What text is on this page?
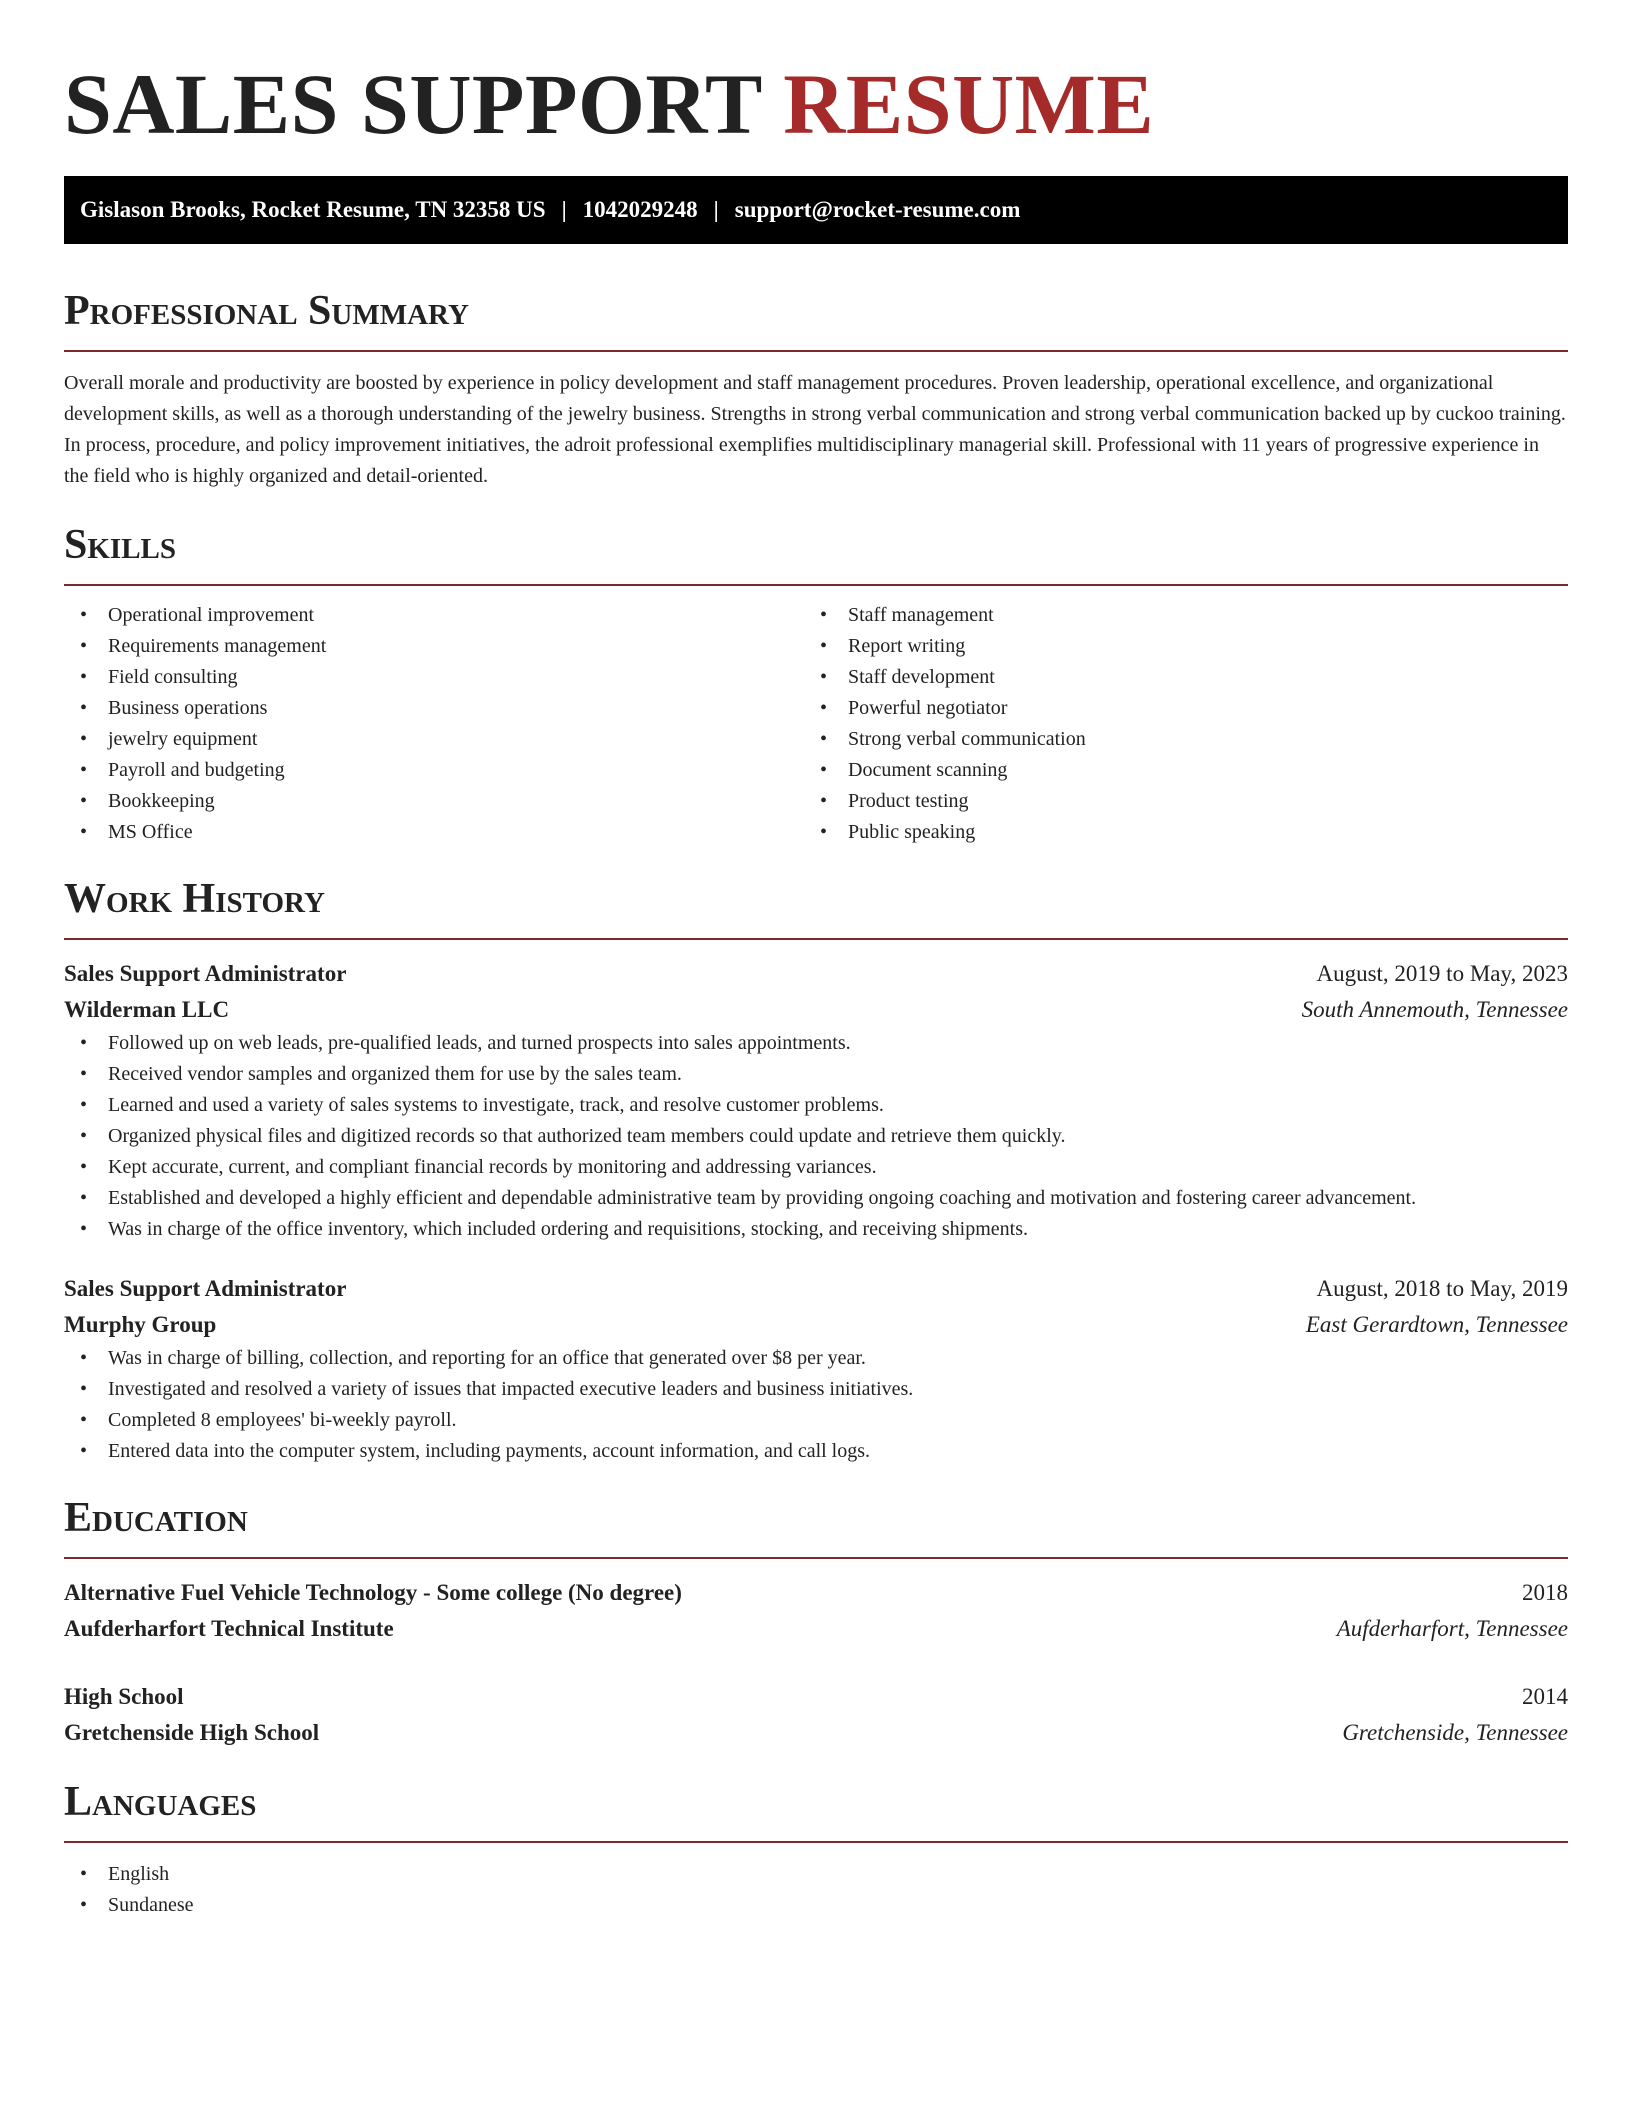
SALES SUPPORT RESUME
Gislason Brooks, Rocket Resume, TN 32358 US | 1042029248 | support@rocket-resume.com
Professional Summary

Overall morale and productivity are boosted by experience in policy development and staff management procedures. Proven leadership, operational excellence, and organizational development skills, as well as a thorough understanding of the jewelry business. Strengths in strong verbal communication and strong verbal communication backed up by cuckoo training. In process, procedure, and policy improvement initiatives, the adroit professional exemplifies multidisciplinary managerial skill. Professional with 11 years of progressive experience in the field who is highly organized and detail-oriented.

Skills
• Operational improvement
• Requirements management
• Field consulting
• Business operations
• jewelry equipment
• Payroll and budgeting
• Bookkeeping
• MS Office
• Staff management
• Report writing
• Staff development
• Powerful negotiator
• Strong verbal communication
• Document scanning
• Product testing
• Public speaking
Work History
Sales Support Administrator	August, 2019 to May, 2023
Wilderman LLC	South Annemouth, Tennessee
• Followed up on web leads, pre-qualified leads, and turned prospects into sales appointments.
• Received vendor samples and organized them for use by the sales team.
• Learned and used a variety of sales systems to investigate, track, and resolve customer problems.
• Organized physical files and digitized records so that authorized team members could update and retrieve them quickly.
• Kept accurate, current, and compliant financial records by monitoring and addressing variances.
• Established and developed a highly efficient and dependable administrative team by providing ongoing coaching and motivation and fostering career advancement.
• Was in charge of the office inventory, which included ordering and requisitions, stocking, and receiving shipments.
Sales Support Administrator	August, 2018 to May, 2019
Murphy Group	East Gerardtown, Tennessee
• Was in charge of billing, collection, and reporting for an office that generated over $8 per year.
• Investigated and resolved a variety of issues that impacted executive leaders and business initiatives.
• Completed 8 employees' bi-weekly payroll.
• Entered data into the computer system, including payments, account information, and call logs.
Education
Alternative Fuel Vehicle Technology - Some college (No degree)	2018
Aufderharfort Technical Institute	Aufderharfort, Tennessee
High School	2014
Gretchenside High School	Gretchenside, Tennessee
Languages
• English
• Sundanese
